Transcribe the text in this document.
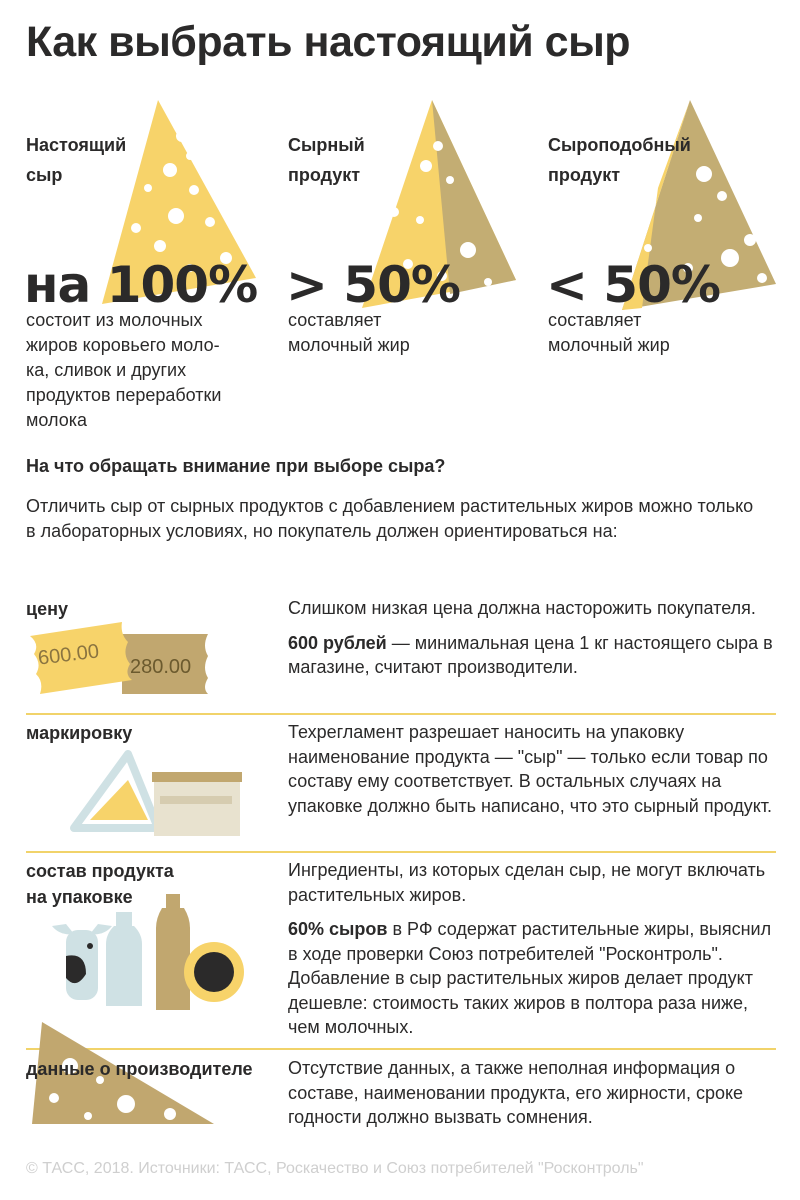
Как выбрать настоящий сыр
Настоящий
сыр
на 100%
состоит из молочных
жиров коровьего моло-
ка, сливок и других
продуктов переработки
молока
Сырный
продукт
> 50%
составляет
молочный жир
Сыроподобный
продукт
< 50%
составляет
молочный жир
На что обращать внимание при выборе сыра?
Отличить сыр от сырных продуктов с добавлением растительных жиров можно только в лабораторных условиях, но покупатель должен ориентироваться на:
цену
600.00 280.00

Слишком низкая цена должна насторожить покупателя.

600 рублей — минимальная цена 1 кг настоящего сыра в магазине, считают производители.

маркировку	Техрегламент разрешает наносить на упаковку наименование продукта — "сыр" — только если товар по составу ему соответствует. В остальных случаях на упаковке должно быть написано, что это сырный продукт.

состав продукта
на упаковке

Ингредиенты, из которых сделан сыр, не могут включать растительных жиров.

60% сыров в РФ содержат растительные жиры, выяснил в ходе проверки Союз потребителей "Росконтроль". Добавление в сыр растительных жиров делает продукт дешевле: стоимость таких жиров в полтора раза ниже, чем молочных.

данные о производителе Отсутствие данных, а также неполная информация о составе, наименовании продукта, его жирности, сроке годности должно вызвать сомнения.

© ТАСС, 2018. Источники: ТАСС, Роскачество и Союз потребителей "Росконтроль"
